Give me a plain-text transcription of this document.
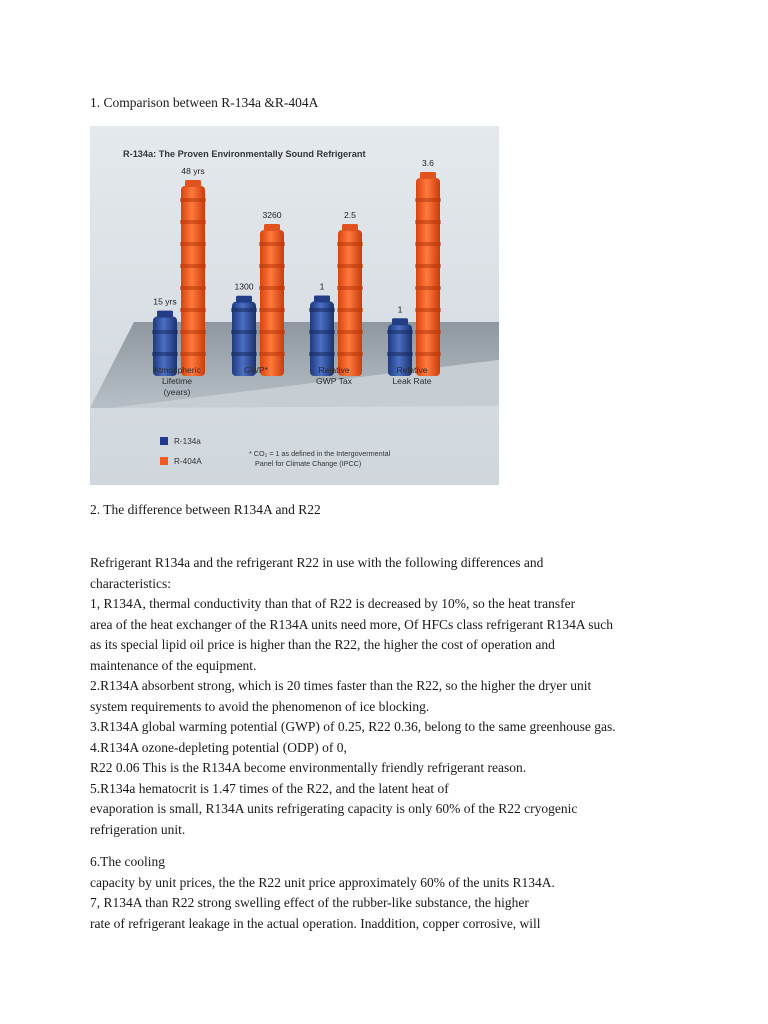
1. Comparison between R-134a &R-404A
R-134a: The Proven Environmentally Sound Refrigerant
15 yrs
48 yrs
1300
3260
1
2.5
1
3.6
Atmospheric
Lifetime
(years)
GWP*	Relative
GWP Tax
Relative
Leak Rate
R-134a
R-404A
* CO₂ = 1 as defined in the Intergovermental
Panel for Climate Change (IPCC)
2. The difference between R134A and R22
Refrigerant R134a and the refrigerant R22 in use with the following differences and
characteristics:
1, R134A, thermal conductivity than that of R22 is decreased by 10%, so the heat transfer
area of the heat exchanger of the R134A units need more, Of HFCs class refrigerant R134A such
as its special lipid oil price is higher than the R22, the higher the cost of operation and
maintenance of the equipment.
2.R134A absorbent strong, which is 20 times faster than the R22, so the higher the dryer unit
system requirements to avoid the phenomenon of ice blocking.
3.R134A global warming potential (GWP) of 0.25, R22 0.36, belong to the same greenhouse gas.
4.R134A ozone-depleting potential (ODP) of 0,
R22 0.06 This is the R134A become environmentally friendly refrigerant reason.
5.R134a hematocrit is 1.47 times of the R22, and the latent heat of
evaporation is small, R134A units refrigerating capacity is only 60% of the R22 cryogenic
refrigeration unit.
6.The cooling
capacity by unit prices, the the R22 unit price approximately 60% of the units R134A.
7, R134A than R22 strong swelling effect of the rubber-like substance, the higher
rate of refrigerant leakage in the actual operation. Inaddition, copper corrosive, will
